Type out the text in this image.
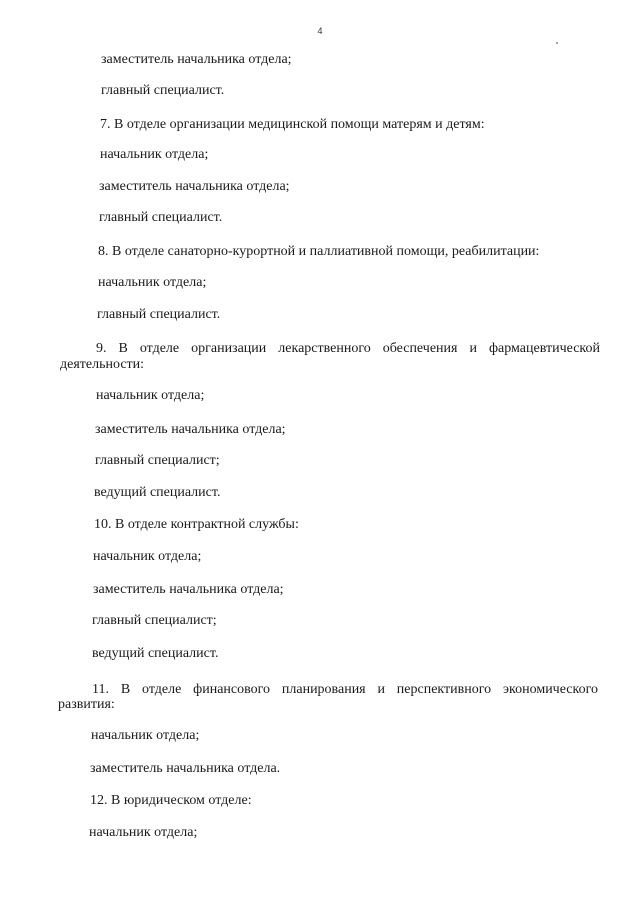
4
заместитель начальника отдела;
главный специалист.
7. В отделе организации медицинской помощи матерям и детям:
начальник отдела;
заместитель начальника отдела;
главный специалист.
8. В отделе санаторно-курортной и паллиативной помощи, реабилитации:
начальник отдела;
главный специалист.
9. В отделе организации лекарственного обеспечения и фармацевтической
деятельности:
начальник отдела;
заместитель начальника отдела;
главный специалист;
ведущий специалист.
10. В отделе контрактной службы:
начальник отдела;
заместитель начальника отдела;
главный специалист;
ведущий специалист.
11. В отделе финансового планирования и перспективного экономического
развития:
начальник отдела;
заместитель начальника отдела.
12. В юридическом отделе:
начальник отдела;
